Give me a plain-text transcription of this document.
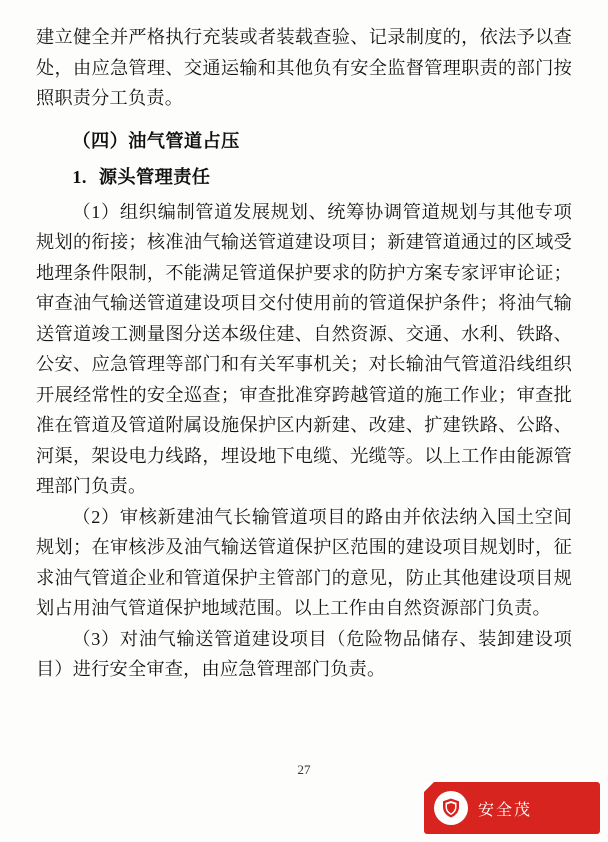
建立健全并严格执行充装或者装载查验、记录制度的，依法予以查处，由应急管理、交通运输和其他负有安全监督管理职责的部门按照职责分工负责。

（四）油气管道占压

1. 源头管理责任

（1）组织编制管道发展规划、统筹协调管道规划与其他专项规划的衔接；核准油气输送管道建设项目；新建管道通过的区域受地理条件限制，不能满足管道保护要求的防护方案专家评审论证；审查油气输送管道建设项目交付使用前的管道保护条件；将油气输送管道竣工测量图分送本级住建、自然资源、交通、水利、铁路、公安、应急管理等部门和有关军事机关；对长输油气管道沿线组织开展经常性的安全巡查；审查批准穿跨越管道的施工作业；审查批准在管道及管道附属设施保护区内新建、改建、扩建铁路、公路、河渠，架设电力线路，埋设地下电缆、光缆等。以上工作由能源管理部门负责。

（2）审核新建油气长输管道项目的路由并依法纳入国土空间规划；在审核涉及油气输送管道保护区范围的建设项目规划时，征求油气管道企业和管道保护主管部门的意见，防止其他建设项目规划占用油气管道保护地域范围。以上工作由自然资源部门负责。

（3）对油气输送管道建设项目（危险物品储存、装卸建设项目）进行安全审查，由应急管理部门负责。

27
安全茂
